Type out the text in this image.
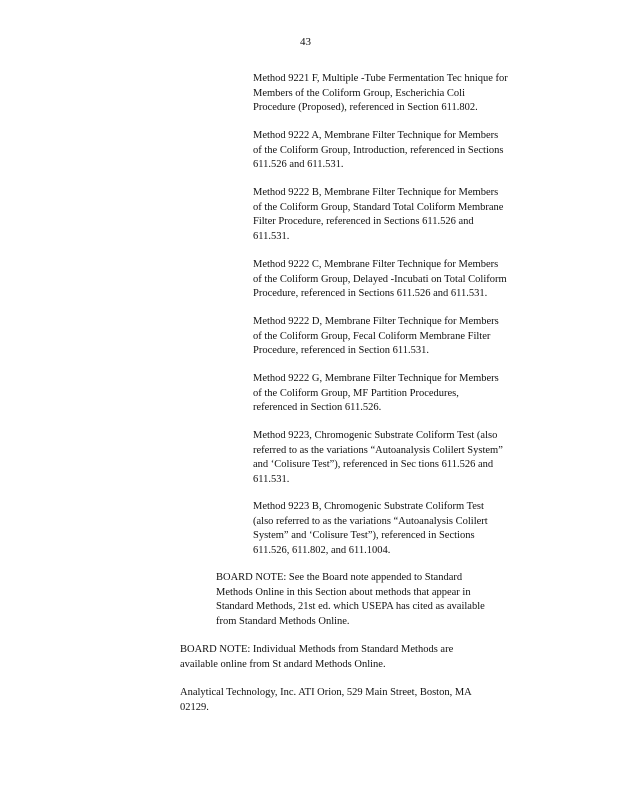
43
Method 9221 F, Multiple -Tube Fermentation Tec hnique for
Members of the Coliform Group, Escherichia Coli
Procedure (Proposed), referenced in Section 611.802.
Method 9222 A, Membrane Filter Technique for Members
of the Coliform Group, Introduction, referenced in Sections
611.526 and 611.531.
Method 9222 B, Membrane Filter Technique for Members
of the Coliform Group, Standard Total Coliform Membrane
Filter Procedure, referenced in Sections 611.526 and
611.531.
Method 9222 C, Membrane Filter Technique for Members
of the Coliform Group, Delayed -Incubati on Total Coliform
Procedure, referenced in Sections 611.526 and 611.531.
Method 9222 D, Membrane Filter Technique for Members
of the Coliform Group, Fecal Coliform Membrane Filter
Procedure, referenced in Section 611.531.
Method 9222 G, Membrane Filter Technique for Members
of the Coliform Group, MF Partition Procedures,
referenced in Section 611.526.
Method 9223, Chromogenic Substrate Coliform Test (also
referred to as the variations “Autoanalysis Colilert System”
and ‘Colisure Test”), referenced in Sec tions 611.526 and
611.531.
Method 9223 B, Chromogenic Substrate Coliform Test
(also referred to as the variations “Autoanalysis Colilert
System” and ‘Colisure Test”), referenced in Sections
611.526, 611.802, and 611.1004.
BOARD NOTE: See the Board note appended to Standard
Methods Online in this Section about methods that appear in
Standard Methods, 21st ed. which USEPA has cited as available
from Standard Methods Online.
BOARD NOTE: Individual Methods from Standard Methods are
available online from St andard Methods Online.
Analytical Technology, Inc. ATI Orion, 529 Main Street, Boston, MA
02129.
